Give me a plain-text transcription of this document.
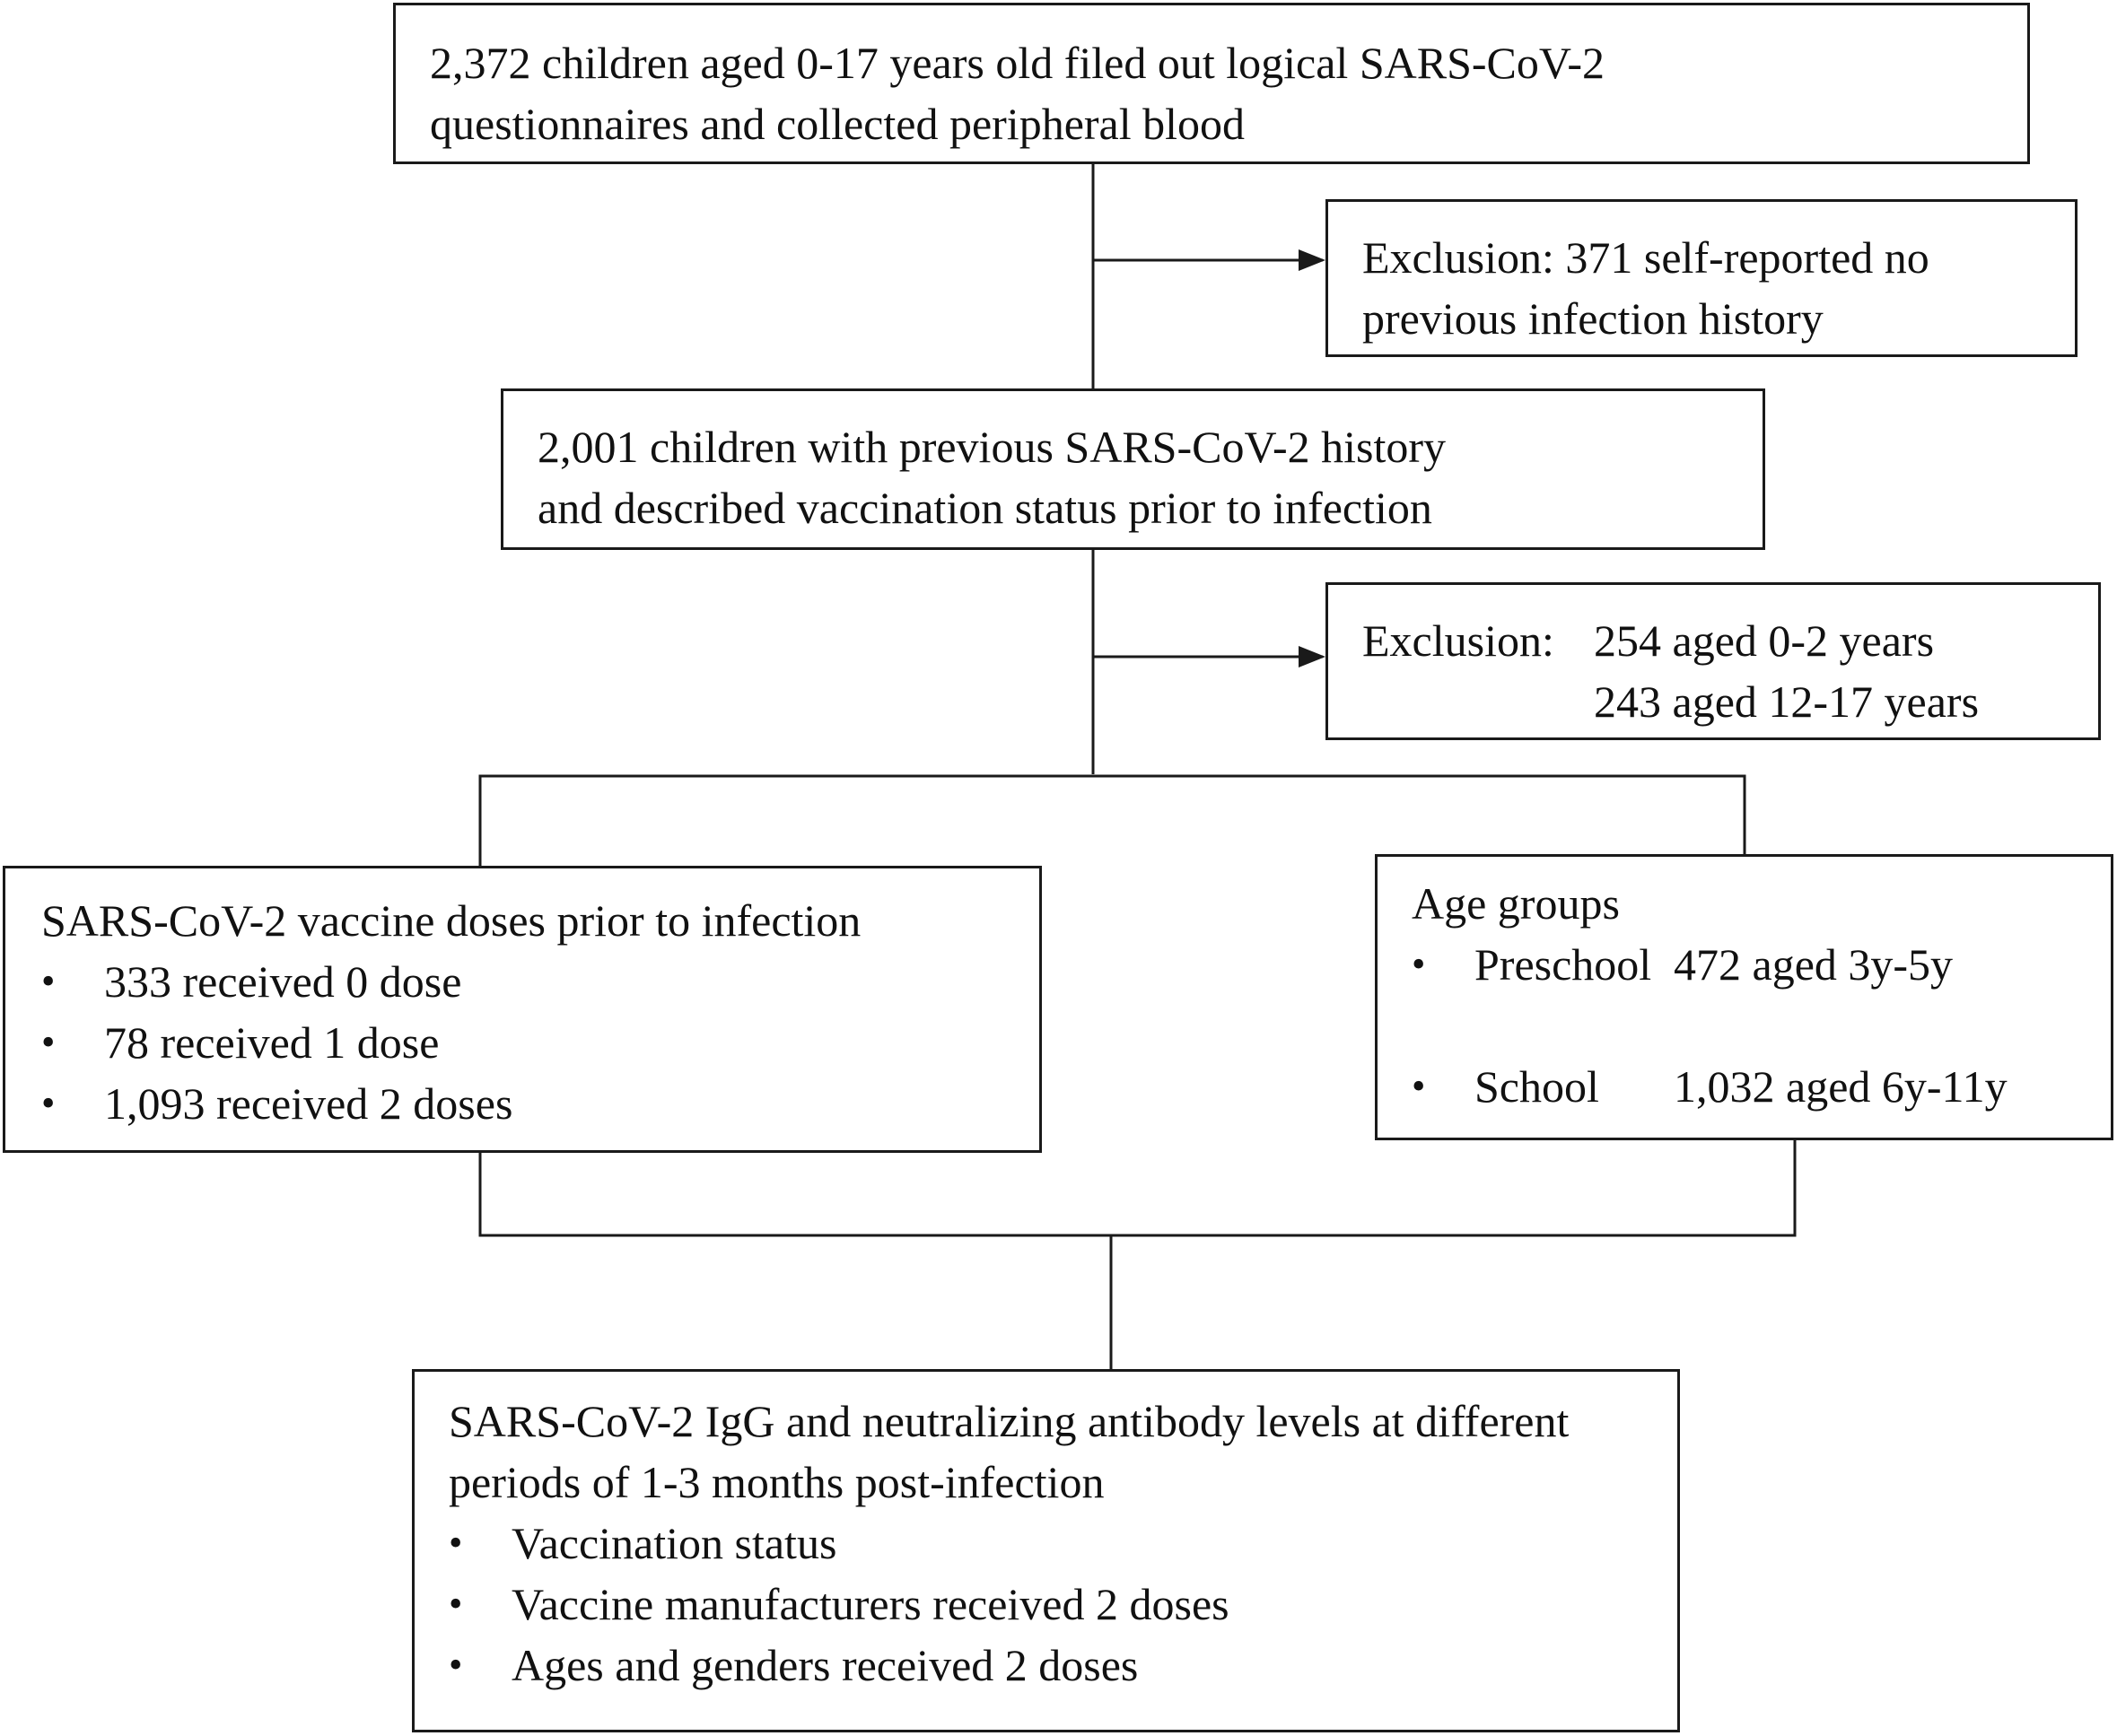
2,372 children aged 0-17 years old filed out logical SARS-CoV-2

questionnaires and collected peripheral blood

Exclusion: 371 self-reported no

previous infection history

2,001 children with previous SARS-CoV-2 history

and described vaccination status prior to infection

Exclusion: 254 aged 0-2 years

243 aged 12-17 years

SARS-CoV-2 vaccine doses prior to infection

• 333 received 0 dose
• 78 received 1 dose
• 1,093 received 2 doses

Age groups

• Preschool 472 aged 3y-5y
• School 1,032 aged 6y-11y

SARS-CoV-2 IgG and neutralizing antibody levels at different

periods of 1-3 months post-infection

• Vaccination status
• Vaccine manufacturers received 2 doses
• Ages and genders received 2 doses
